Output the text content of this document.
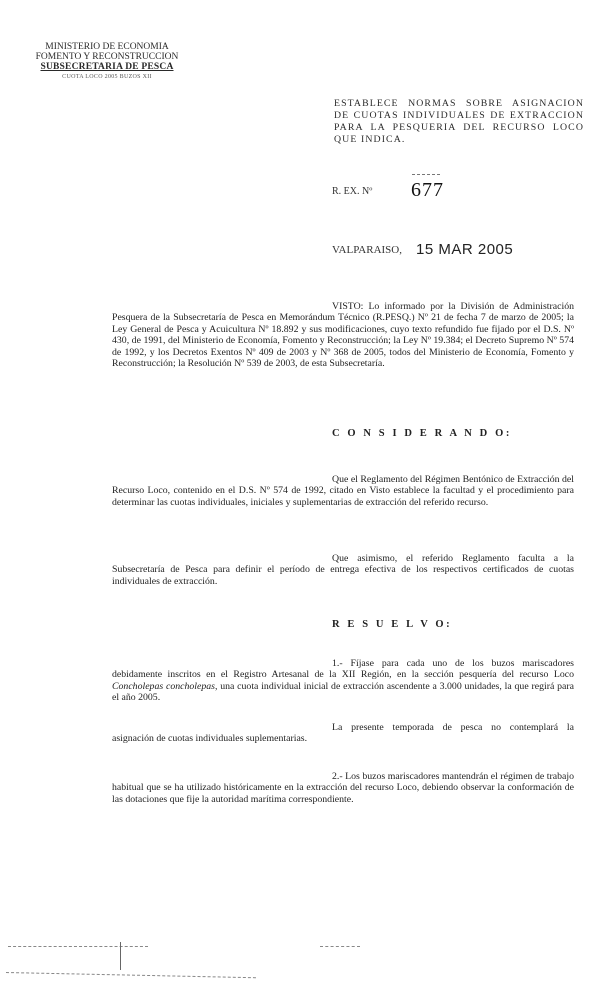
MINISTERIO DE ECONOMIA
FOMENTO Y RECONSTRUCCION
SUBSECRETARIA DE PESCA
CUOTA LOCO 2005 BUZOS XII
ESTABLECE NORMAS SOBRE ASIGNACION DE CUOTAS INDIVIDUALES DE EXTRACCION PARA LA PESQUERIA DEL RECURSO LOCO QUE INDICA.
R. EX. Nº 677
VALPARAISO, 15 MAR 2005
VISTO: Lo informado por la División de Administración Pesquera de la Subsecretaría de Pesca en Memorándum Técnico (R.PESQ.) Nº 21 de fecha 7 de marzo de 2005; la Ley General de Pesca y Acuicultura Nº 18.892 y sus modificaciones, cuyo texto refundido fue fijado por el D.S. Nº 430, de 1991, del Ministerio de Economía, Fomento y Reconstrucción; la Ley Nº 19.384; el Decreto Supremo Nº 574 de 1992, y los Decretos Exentos Nº 409 de 2003 y Nº 368 de 2005, todos del Ministerio de Economía, Fomento y Reconstrucción; la Resolución Nº 539 de 2003, de esta Subsecretaría.
C O N S I D E R A N D O:
Que el Reglamento del Régimen Bentónico de Extracción del Recurso Loco, contenido en el D.S. Nº 574 de 1992, citado en Visto establece la facultad y el procedimiento para determinar las cuotas individuales, iniciales y suplementarias de extracción del referido recurso.
Que asimismo, el referido Reglamento faculta a la Subsecretaría de Pesca para definir el período de entrega efectiva de los respectivos certificados de cuotas individuales de extracción.
R E S U E L V O:
1.- Fíjase para cada uno de los buzos mariscadores debidamente inscritos en el Registro Artesanal de la XII Región, en la sección pesquería del recurso Loco Concholepas concholepas, una cuota individual inicial de extracción ascendente a 3.000 unidades, la que regirá para el año 2005.
La presente temporada de pesca no contemplará la asignación de cuotas individuales suplementarias.
2.- Los buzos mariscadores mantendrán el régimen de trabajo habitual que se ha utilizado históricamente en la extracción del recurso Loco, debiendo observar la conformación de las dotaciones que fije la autoridad marítima correspondiente.
